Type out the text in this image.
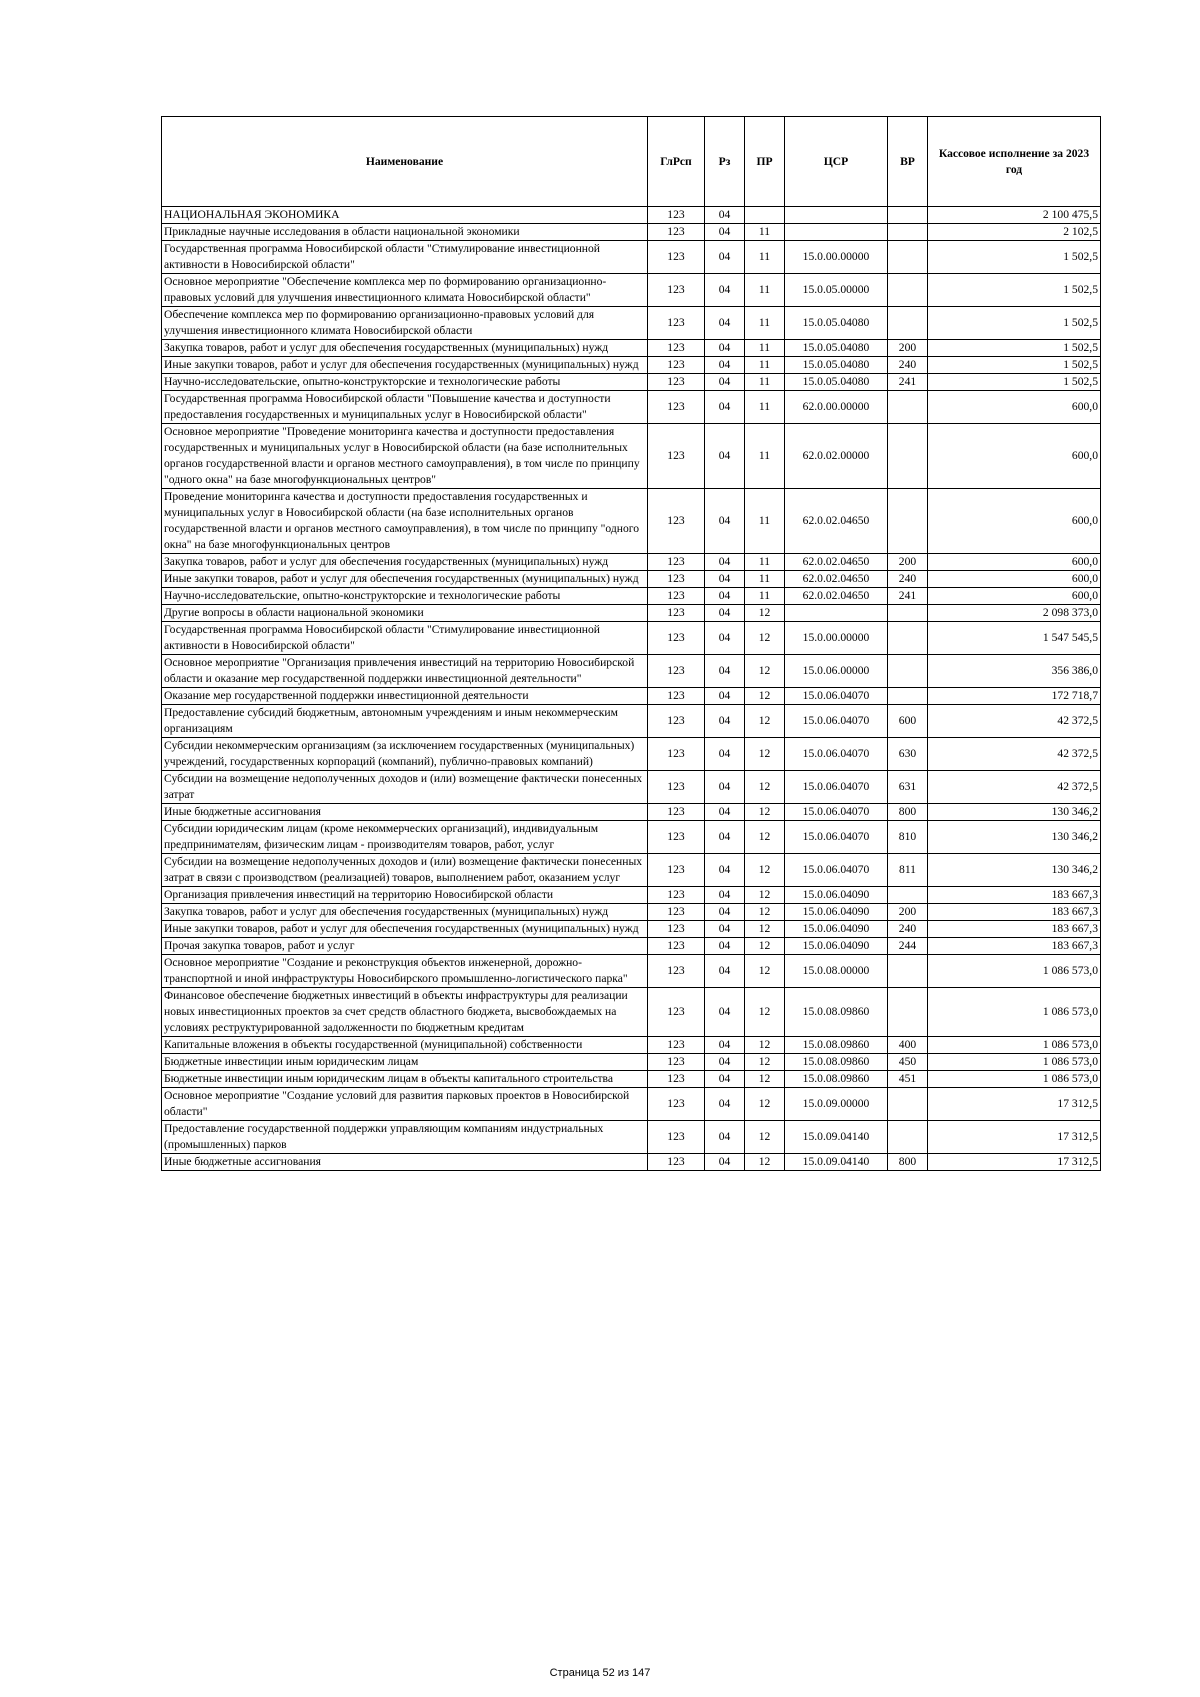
Наименование	ГлРсп	Рз	ПР	ЦСР	ВР	Кассовое исполнение за 2023 год
НАЦИОНАЛЬНАЯ ЭКОНОМИКА	123	04				2 100 475,5
Прикладные научные исследования в области национальной экономики	123	04	11			2 102,5
Государственная программа Новосибирской области "Стимулирование инвестиционной активности в Новосибирской области"	123	04	11	15.0.00.00000		1 502,5
Основное мероприятие "Обеспечение комплекса мер по формированию организационно-правовых условий для улучшения инвестиционного климата Новосибирской области"	123	04	11	15.0.05.00000		1 502,5
Обеспечение комплекса мер по формированию организационно-правовых условий для улучшения инвестиционного климата Новосибирской области	123	04	11	15.0.05.04080		1 502,5
Закупка товаров, работ и услуг для обеспечения государственных (муниципальных) нужд	123	04	11	15.0.05.04080	200	1 502,5
Иные закупки товаров, работ и услуг для обеспечения государственных (муниципальных) нужд	123	04	11	15.0.05.04080	240	1 502,5
Научно-исследовательские, опытно-конструкторские и технологические работы	123	04	11	15.0.05.04080	241	1 502,5
Государственная программа Новосибирской области "Повышение качества и доступности предоставления государственных и муниципальных услуг в Новосибирской области"	123	04	11	62.0.00.00000		600,0
Основное мероприятие "Проведение мониторинга качества и доступности предоставления государственных и муниципальных услуг в Новосибирской области (на базе исполнительных органов государственной власти и органов местного самоуправления), в том числе по принципу "одного окна" на базе многофункциональных центров"	123	04	11	62.0.02.00000		600,0
Проведение мониторинга качества и доступности предоставления государственных и муниципальных услуг в Новосибирской области (на базе исполнительных органов государственной власти и органов местного самоуправления), в том числе по принципу "одного окна" на базе многофункциональных центров	123	04	11	62.0.02.04650		600,0
Закупка товаров, работ и услуг для обеспечения государственных (муниципальных) нужд	123	04	11	62.0.02.04650	200	600,0
Иные закупки товаров, работ и услуг для обеспечения государственных (муниципальных) нужд	123	04	11	62.0.02.04650	240	600,0
Научно-исследовательские, опытно-конструкторские и технологические работы	123	04	11	62.0.02.04650	241	600,0
Другие вопросы в области национальной экономики	123	04	12			2 098 373,0
Государственная программа Новосибирской области "Стимулирование инвестиционной активности в Новосибирской области"	123	04	12	15.0.00.00000		1 547 545,5
Основное мероприятие "Организация привлечения инвестиций на территорию Новосибирской области и оказание мер государственной поддержки инвестиционной деятельности"	123	04	12	15.0.06.00000		356 386,0
Оказание мер государственной поддержки инвестиционной деятельности	123	04	12	15.0.06.04070		172 718,7
Предоставление субсидий бюджетным, автономным учреждениям и иным некоммерческим организациям	123	04	12	15.0.06.04070	600	42 372,5
Субсидии некоммерческим организациям (за исключением государственных (муниципальных) учреждений, государственных корпораций (компаний), публично-правовых компаний)	123	04	12	15.0.06.04070	630	42 372,5
Субсидии на возмещение недополученных доходов и (или) возмещение фактически понесенных затрат	123	04	12	15.0.06.04070	631	42 372,5
Иные бюджетные ассигнования	123	04	12	15.0.06.04070	800	130 346,2
Субсидии юридическим лицам (кроме некоммерческих организаций), индивидуальным предпринимателям, физическим лицам - производителям товаров, работ, услуг	123	04	12	15.0.06.04070	810	130 346,2
Субсидии на возмещение недополученных доходов и (или) возмещение фактически понесенных затрат в связи с производством (реализацией) товаров, выполнением работ, оказанием услуг	123	04	12	15.0.06.04070	811	130 346,2
Организация привлечения инвестиций на территорию Новосибирской области	123	04	12	15.0.06.04090		183 667,3
Закупка товаров, работ и услуг для обеспечения государственных (муниципальных) нужд	123	04	12	15.0.06.04090	200	183 667,3
Иные закупки товаров, работ и услуг для обеспечения государственных (муниципальных) нужд	123	04	12	15.0.06.04090	240	183 667,3
Прочая закупка товаров, работ и услуг	123	04	12	15.0.06.04090	244	183 667,3
Основное мероприятие "Создание и реконструкция объектов инженерной, дорожно-транспортной и иной инфраструктуры Новосибирского промышленно-логистического парка"	123	04	12	15.0.08.00000		1 086 573,0
Финансовое обеспечение бюджетных инвестиций в объекты инфраструктуры для реализации новых инвестиционных проектов за счет средств областного бюджета, высвобождаемых на условиях реструктурированной задолженности по бюджетным кредитам	123	04	12	15.0.08.09860		1 086 573,0
Капитальные вложения в объекты государственной (муниципальной) собственности	123	04	12	15.0.08.09860	400	1 086 573,0
Бюджетные инвестиции иным юридическим лицам	123	04	12	15.0.08.09860	450	1 086 573,0
Бюджетные инвестиции иным юридическим лицам в объекты капитального строительства	123	04	12	15.0.08.09860	451	1 086 573,0
Основное мероприятие "Создание условий для развития парковых проектов в Новосибирской области"	123	04	12	15.0.09.00000		17 312,5
Предоставление государственной поддержки управляющим компаниям индустриальных (промышленных) парков	123	04	12	15.0.09.04140		17 312,5
Иные бюджетные ассигнования	123	04	12	15.0.09.04140	800	17 312,5
Страница 52 из 147
